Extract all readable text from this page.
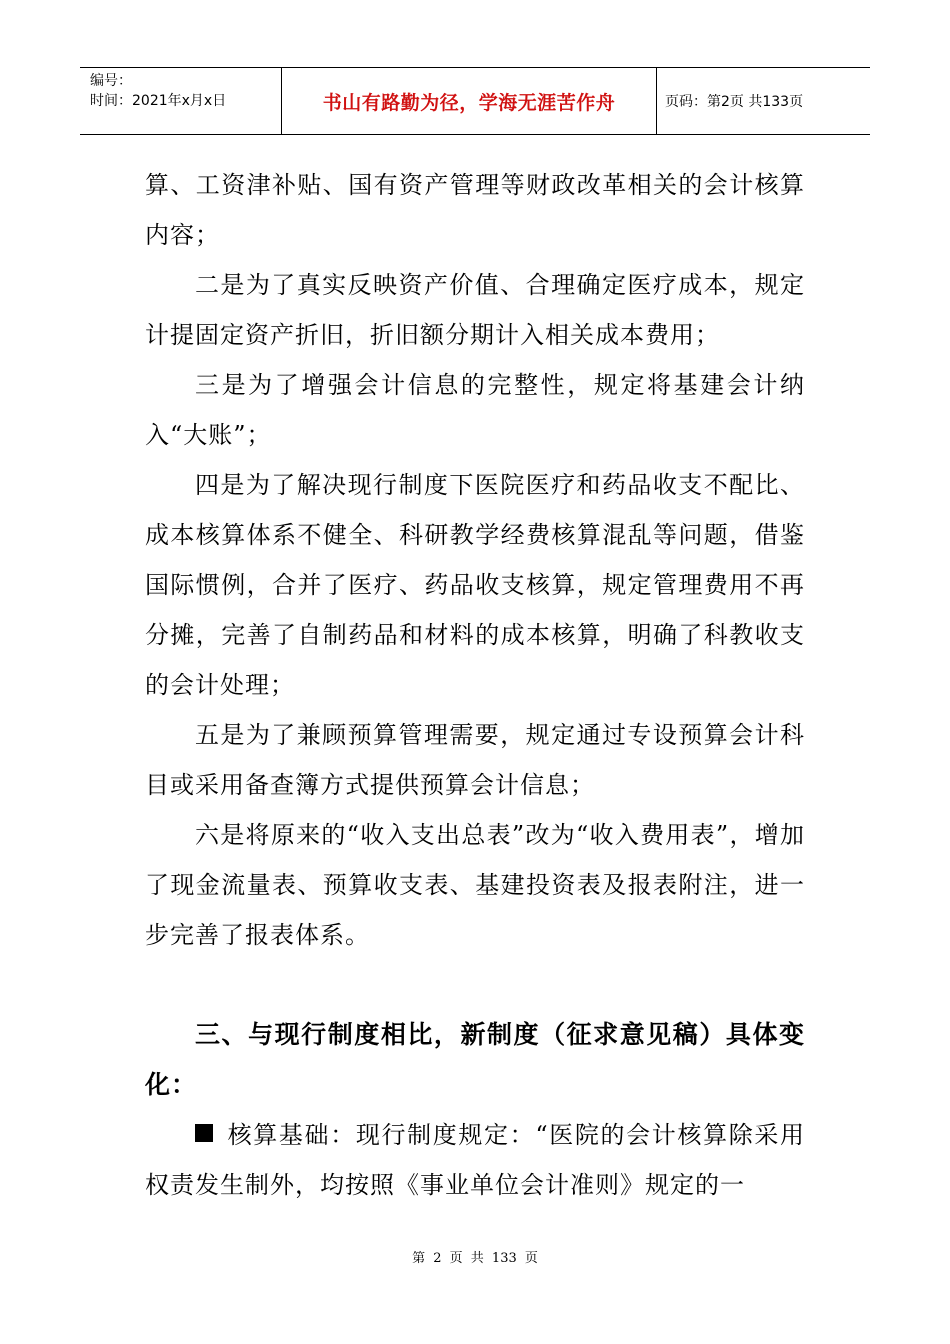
编号：
时间：2021年x月x日	书山有路勤为径，学海无涯苦作舟	页码：第2页 共133页

算、工资津补贴、国有资产管理等财政改革相关的会计核算内容；

二是为了真实反映资产价值、合理确定医疗成本，规定计提固定资产折旧，折旧额分期计入相关成本费用；

三是为了增强会计信息的完整性，规定将基建会计纳入“大账”；

四是为了解决现行制度下医院医疗和药品收支不配比、成本核算体系不健全、科研教学经费核算混乱等问题，借鉴国际惯例，合并了医疗、药品收支核算，规定管理费用不再分摊，完善了自制药品和材料的成本核算，明确了科教收支的会计处理；

五是为了兼顾预算管理需要，规定通过专设预算会计科目或采用备查簿方式提供预算会计信息；

六是将原来的“收入支出总表”改为“收入费用表”，增加了现金流量表、预算收支表、基建投资表及报表附注，进一步完善了报表体系。

三、与现行制度相比，新制度（征求意见稿）具体变化：

核算基础：现行制度规定：“医院的会计核算除采用权责发生制外，均按照《事业单位会计准则》规定的一

第 2 页 共 133 页
